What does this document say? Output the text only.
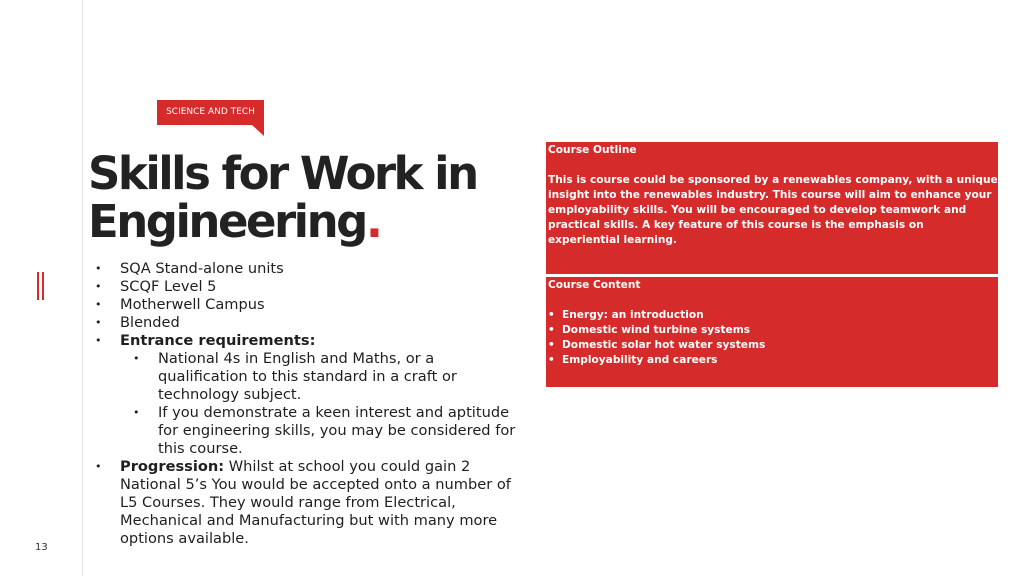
13
SCIENCE AND TECH
Skills for Work in
Engineering.
• SQA Stand-alone units
• SCQF Level 5
• Motherwell Campus
• Blended
• Entrance requirements:
• National 4s in English and Maths, or a qualification to this standard in a craft or technology subject.
• If you demonstrate a keen interest and aptitude for engineering skills, you may be considered for this course.
• Progression: Whilst at school you could gain 2 National 5’s You would be accepted onto a number of L5 Courses. They would range from Electrical, Mechanical and Manufacturing but with many more options available.
Course Outline
This is course could be sponsored by a renewables company, with a unique insight into the renewables industry. This course will aim to enhance your employability skills. You will be encouraged to develop teamwork and practical skills. A key feature of this course is the emphasis on experiential learning.
Course Content
• Energy: an introduction
• Domestic wind turbine systems
• Domestic solar hot water systems
• Employability and careers
